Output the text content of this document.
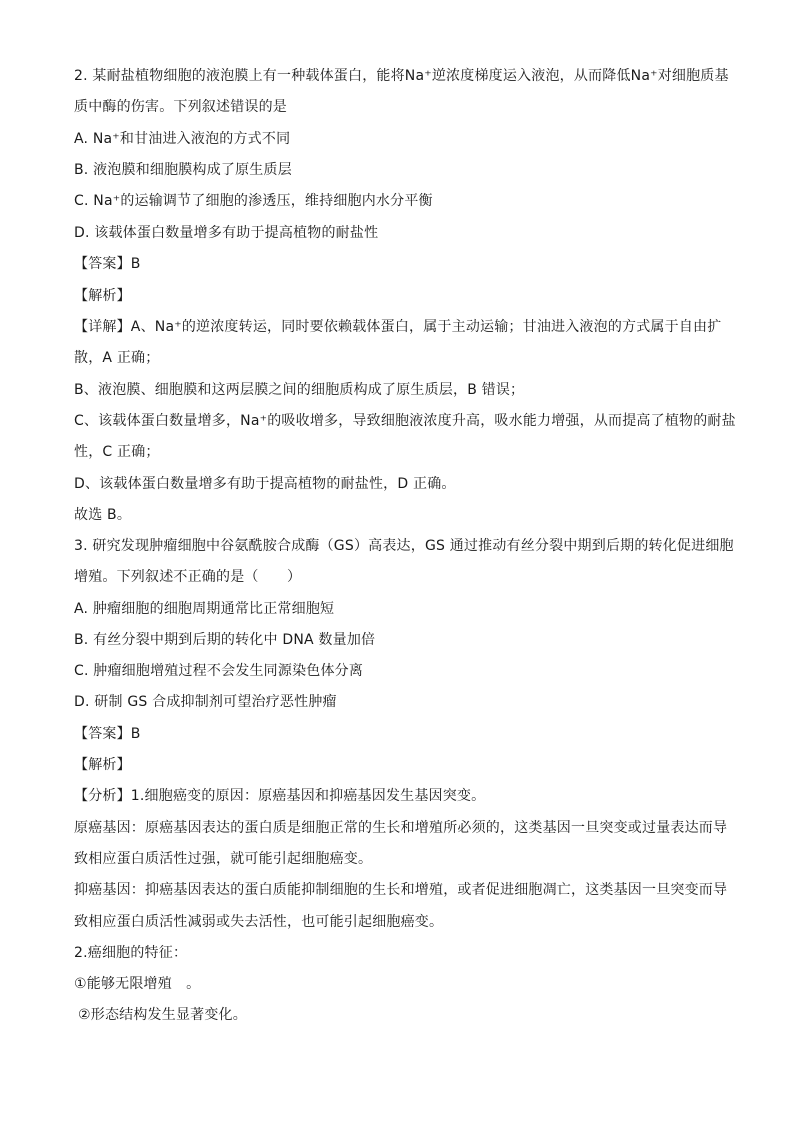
2. 某耐盐植物细胞的液泡膜上有一种载体蛋白，能将Na⁺逆浓度梯度运入液泡，从而降低Na⁺对细胞质基
质中酶的伤害。下列叙述错误的是
A. Na⁺和甘油进入液泡的方式不同
B. 液泡膜和细胞膜构成了原生质层
C. Na⁺的运输调节了细胞的渗透压，维持细胞内水分平衡
D. 该载体蛋白数量增多有助于提高植物的耐盐性
【答案】B
【解析】
【详解】A、Na⁺的逆浓度转运，同时要依赖载体蛋白，属于主动运输；甘油进入液泡的方式属于自由扩
散，A 正确；
B、液泡膜、细胞膜和这两层膜之间的细胞质构成了原生质层，B 错误；
C、该载体蛋白数量增多，Na⁺的吸收增多，导致细胞液浓度升高，吸水能力增强，从而提高了植物的耐盐
性，C 正确；
D、该载体蛋白数量增多有助于提高植物的耐盐性，D 正确。
故选 B。
3. 研究发现肿瘤细胞中谷氨酰胺合成酶（GS）高表达，GS 通过推动有丝分裂中期到后期的转化促进细胞
增殖。下列叙述不正确的是（　　）
A. 肿瘤细胞的细胞周期通常比正常细胞短
B. 有丝分裂中期到后期的转化中 DNA 数量加倍
C. 肿瘤细胞增殖过程不会发生同源染色体分离
D. 研制 GS 合成抑制剂可望治疗恶性肿瘤
【答案】B
【解析】
【分析】1.细胞癌变的原因：原癌基因和抑癌基因发生基因突变。
原癌基因：原癌基因表达的蛋白质是细胞正常的生长和增殖所必须的，这类基因一旦突变或过量表达而导
致相应蛋白质活性过强，就可能引起细胞癌变。
抑癌基因：抑癌基因表达的蛋白质能抑制细胞的生长和增殖，或者促进细胞凋亡，这类基因一旦突变而导
致相应蛋白质活性减弱或失去活性，也可能引起细胞癌变。
2.癌细胞的特征：
①能够无限增殖　。
②形态结构发生显著变化。
